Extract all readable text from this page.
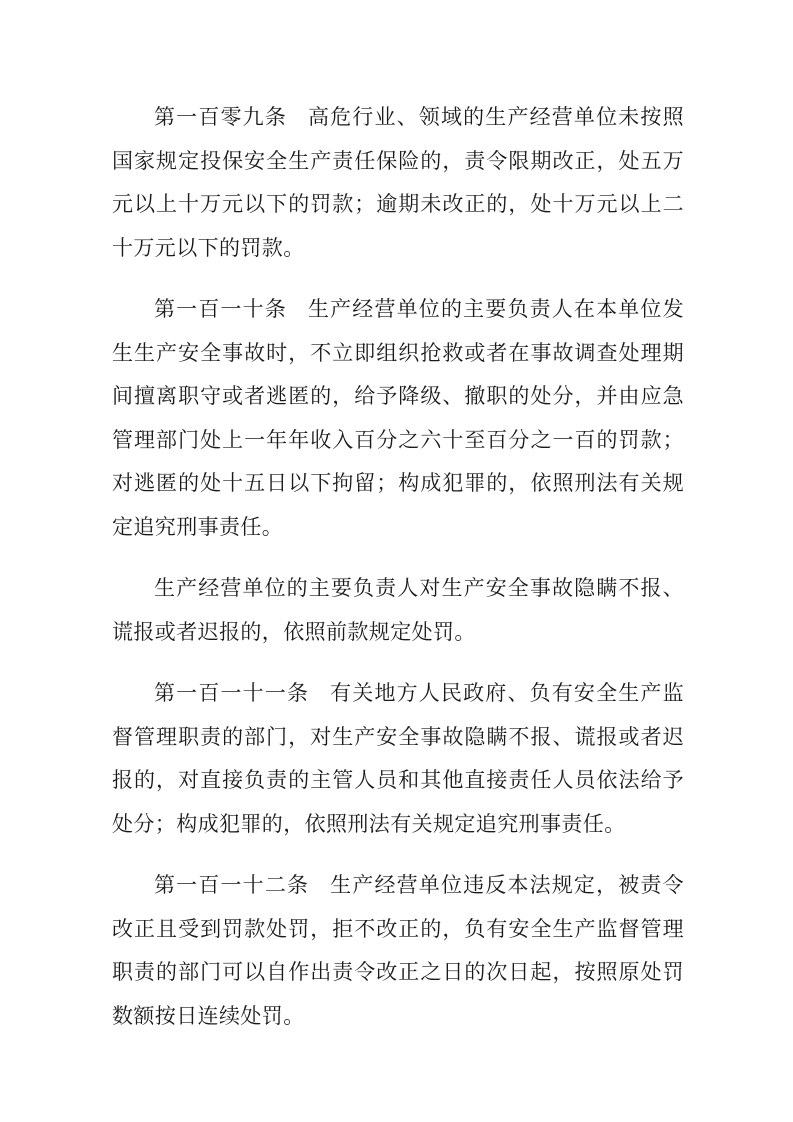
第一百零九条 高危行业、领域的生产经营单位未按照国家规定投保安全生产责任保险的，责令限期改正，处五万元以上十万元以下的罚款；逾期未改正的，处十万元以上二十万元以下的罚款。

第一百一十条 生产经营单位的主要负责人在本单位发生生产安全事故时，不立即组织抢救或者在事故调查处理期间擅离职守或者逃匿的，给予降级、撤职的处分，并由应急管理部门处上一年年收入百分之六十至百分之一百的罚款；对逃匿的处十五日以下拘留；构成犯罪的，依照刑法有关规定追究刑事责任。

生产经营单位的主要负责人对生产安全事故隐瞒不报、谎报或者迟报的，依照前款规定处罚。

第一百一十一条 有关地方人民政府、负有安全生产监督管理职责的部门，对生产安全事故隐瞒不报、谎报或者迟报的，对直接负责的主管人员和其他直接责任人员依法给予处分；构成犯罪的，依照刑法有关规定追究刑事责任。

第一百一十二条 生产经营单位违反本法规定，被责令改正且受到罚款处罚，拒不改正的，负有安全生产监督管理职责的部门可以自作出责令改正之日的次日起，按照原处罚数额按日连续处罚。
